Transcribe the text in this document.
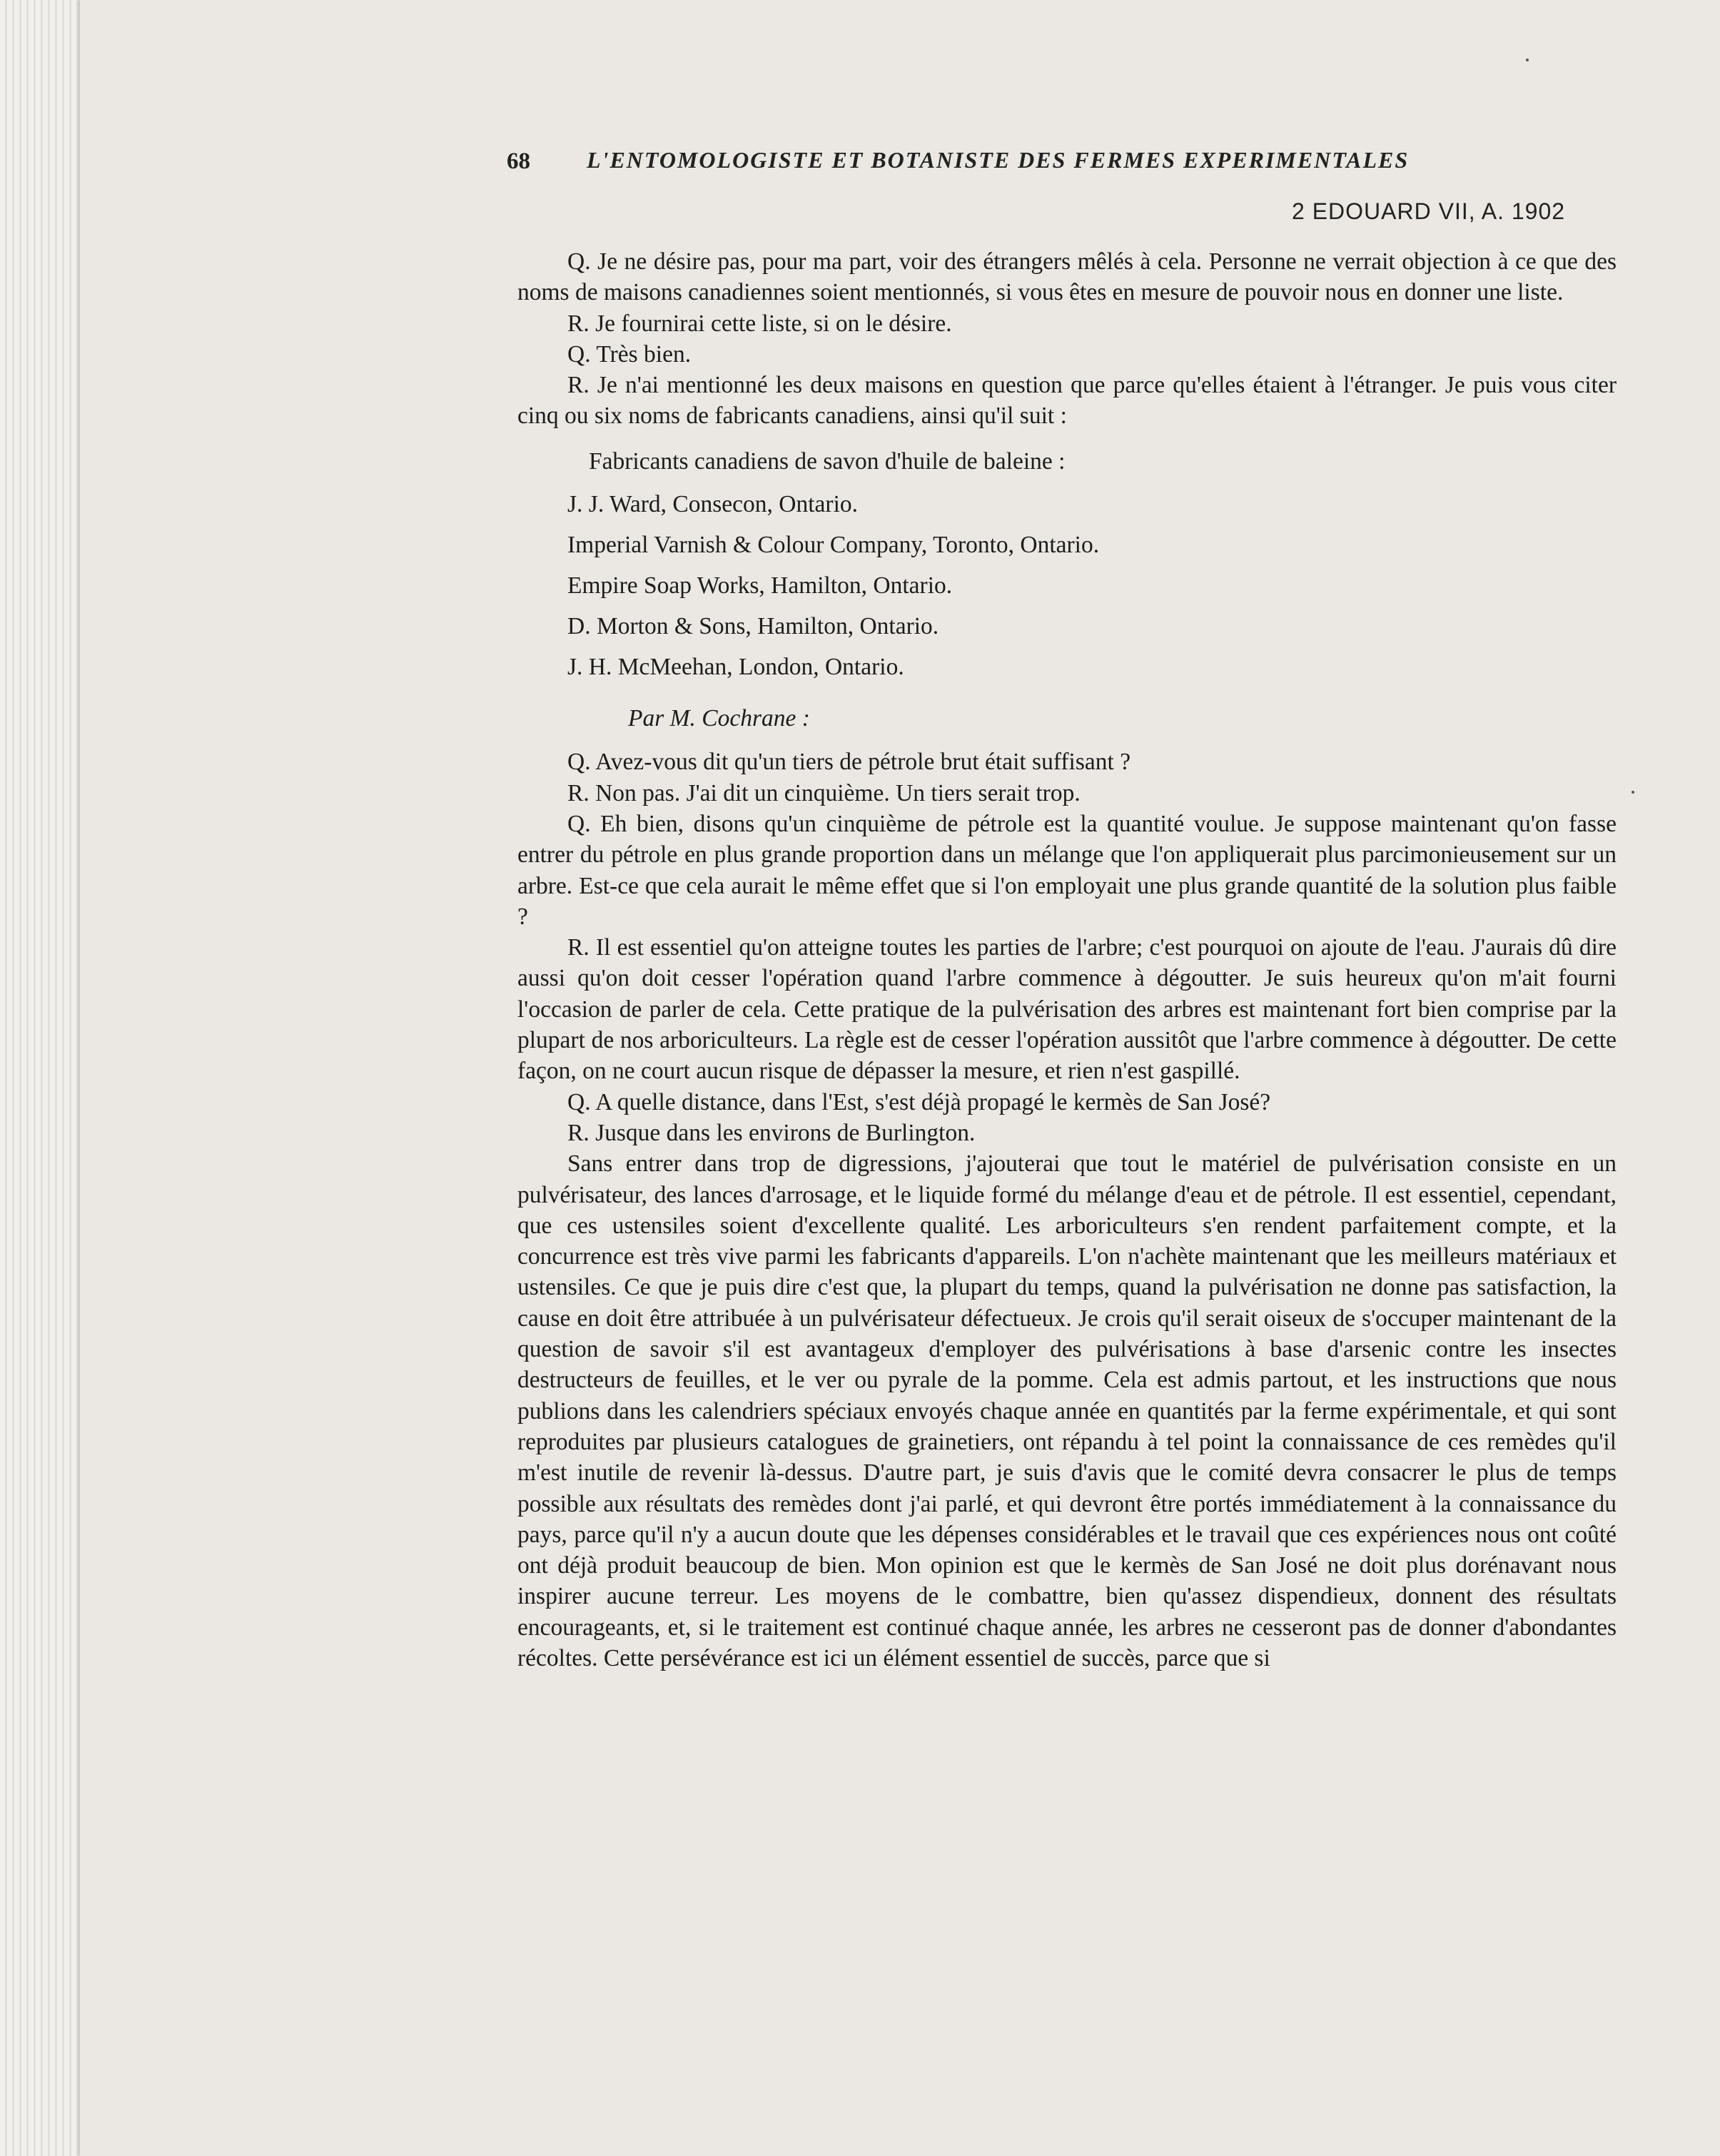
68 L'ENTOMOLOGISTE ET BOTANISTE DES FERMES EXPERIMENTALES
2 EDOUARD VII, A. 1902

Q. Je ne désire pas, pour ma part, voir des étrangers mêlés à cela. Personne ne verrait objection à ce que des noms de maisons canadiennes soient mentionnés, si vous êtes en mesure de pouvoir nous en donner une liste.

R. Je fournirai cette liste, si on le désire.

Q. Très bien.

R. Je n'ai mentionné les deux maisons en question que parce qu'elles étaient à l'étranger. Je puis vous citer cinq ou six noms de fabricants canadiens, ainsi qu'il suit :

Fabricants canadiens de savon d'huile de baleine :

J. J. Ward, Consecon, Ontario.
Imperial Varnish & Colour Company, Toronto, Ontario.
Empire Soap Works, Hamilton, Ontario.
D. Morton & Sons, Hamilton, Ontario.
J. H. McMeehan, London, Ontario.

Par M. Cochrane :

Q. Avez-vous dit qu'un tiers de pétrole brut était suffisant ?

R. Non pas. J'ai dit un cinquième. Un tiers serait trop.

Q. Eh bien, disons qu'un cinquième de pétrole est la quantité voulue. Je suppose maintenant qu'on fasse entrer du pétrole en plus grande proportion dans un mélange que l'on appliquerait plus parcimonieusement sur un arbre. Est-ce que cela aurait le même effet que si l'on employait une plus grande quantité de la solution plus faible ?

R. Il est essentiel qu'on atteigne toutes les parties de l'arbre; c'est pourquoi on ajoute de l'eau. J'aurais dû dire aussi qu'on doit cesser l'opération quand l'arbre commence à dégoutter. Je suis heureux qu'on m'ait fourni l'occasion de parler de cela. Cette pratique de la pulvérisation des arbres est maintenant fort bien comprise par la plupart de nos arboriculteurs. La règle est de cesser l'opération aussitôt que l'arbre commence à dégoutter. De cette façon, on ne court aucun risque de dépasser la mesure, et rien n'est gaspillé.

Q. A quelle distance, dans l'Est, s'est déjà propagé le kermès de San José?

R. Jusque dans les environs de Burlington.

Sans entrer dans trop de digressions, j'ajouterai que tout le matériel de pulvérisation consiste en un pulvérisateur, des lances d'arrosage, et le liquide formé du mélange d'eau et de pétrole. Il est essentiel, cependant, que ces ustensiles soient d'excellente qualité. Les arboriculteurs s'en rendent parfaitement compte, et la concurrence est très vive parmi les fabricants d'appareils. L'on n'achète maintenant que les meilleurs matériaux et ustensiles. Ce que je puis dire c'est que, la plupart du temps, quand la pulvérisation ne donne pas satisfaction, la cause en doit être attribuée à un pulvérisateur défectueux. Je crois qu'il serait oiseux de s'occuper maintenant de la question de savoir s'il est avantageux d'employer des pulvérisations à base d'arsenic contre les insectes destructeurs de feuilles, et le ver ou pyrale de la pomme. Cela est admis partout, et les instructions que nous publions dans les calendriers spéciaux envoyés chaque année en quantités par la ferme expérimentale, et qui sont reproduites par plusieurs catalogues de grainetiers, ont répandu à tel point la connaissance de ces remèdes qu'il m'est inutile de revenir là-dessus. D'autre part, je suis d'avis que le comité devra consacrer le plus de temps possible aux résultats des remèdes dont j'ai parlé, et qui devront être portés immédiatement à la connaissance du pays, parce qu'il n'y a aucun doute que les dépenses considérables et le travail que ces expériences nous ont coûté ont déjà produit beaucoup de bien. Mon opinion est que le kermès de San José ne doit plus dorénavant nous inspirer aucune terreur. Les moyens de le combattre, bien qu'assez dispendieux, donnent des résultats encourageants, et, si le traitement est continué chaque année, les arbres ne cesseront pas de donner d'abondantes récoltes. Cette persévérance est ici un élément essentiel de succès, parce que si
